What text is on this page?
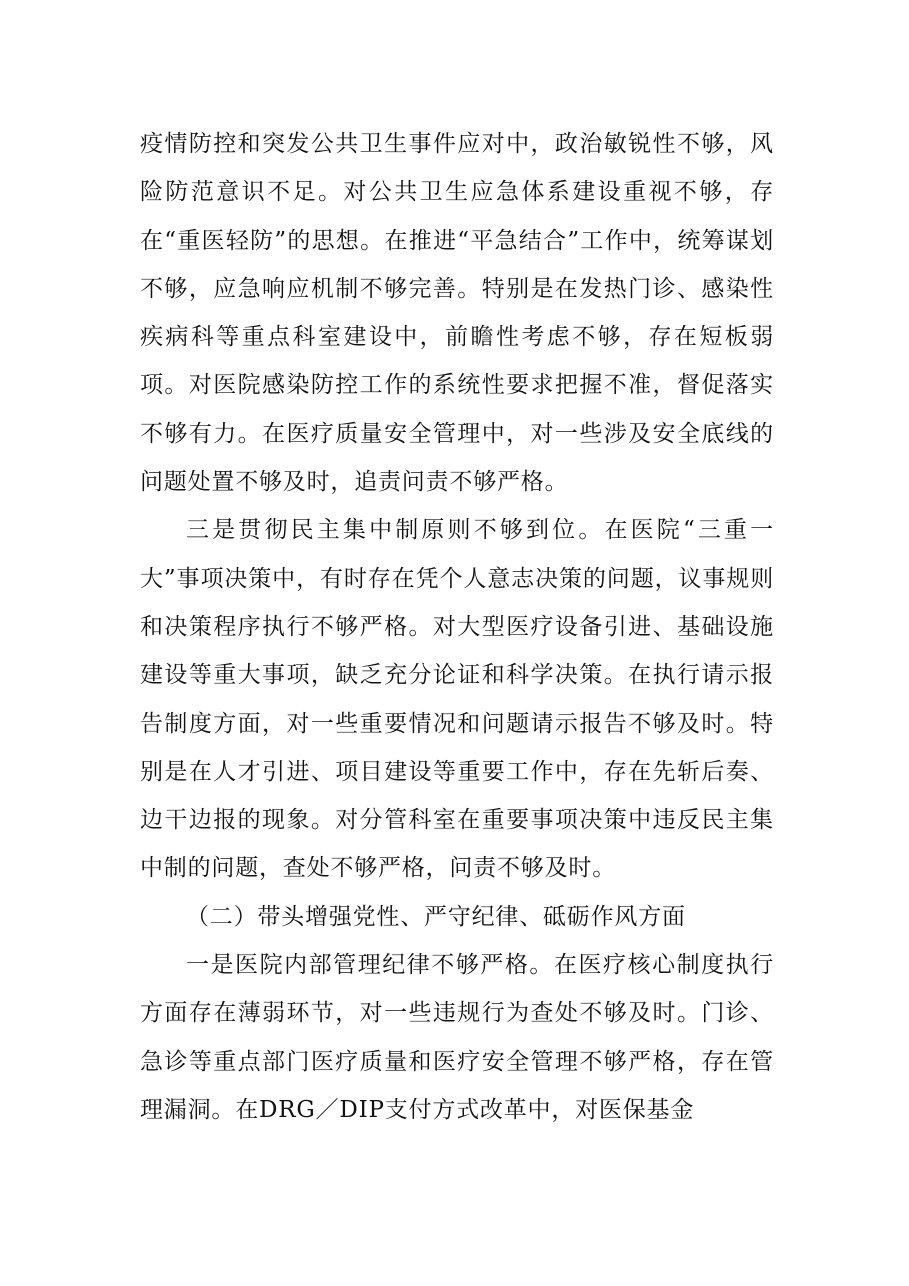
疫情防控和突发公共卫生事件应对中，政治敏锐性不够，风险防范意识不足。对公共卫生应急体系建设重视不够，存在“重医轻防”的思想。在推进“平急结合”工作中，统筹谋划不够，应急响应机制不够完善。特别是在发热门诊、感染性疾病科等重点科室建设中，前瞻性考虑不够，存在短板弱项。对医院感染防控工作的系统性要求把握不准，督促落实不够有力。在医疗质量安全管理中，对一些涉及安全底线的问题处置不够及时，追责问责不够严格。

三是贯彻民主集中制原则不够到位。在医院“三重一大”事项决策中，有时存在凭个人意志决策的问题，议事规则和决策程序执行不够严格。对大型医疗设备引进、基础设施建设等重大事项，缺乏充分论证和科学决策。在执行请示报告制度方面，对一些重要情况和问题请示报告不够及时。特别是在人才引进、项目建设等重要工作中，存在先斩后奏、边干边报的现象。对分管科室在重要事项决策中违反民主集中制的问题，查处不够严格，问责不够及时。

（二）带头增强党性、严守纪律、砥砺作风方面

一是医院内部管理纪律不够严格。在医疗核心制度执行方面存在薄弱环节，对一些违规行为查处不够及时。门诊、急诊等重点部门医疗质量和医疗安全管理不够严格，存在管理漏洞。在DRG／DIP支付方式改革中，对医保基金
